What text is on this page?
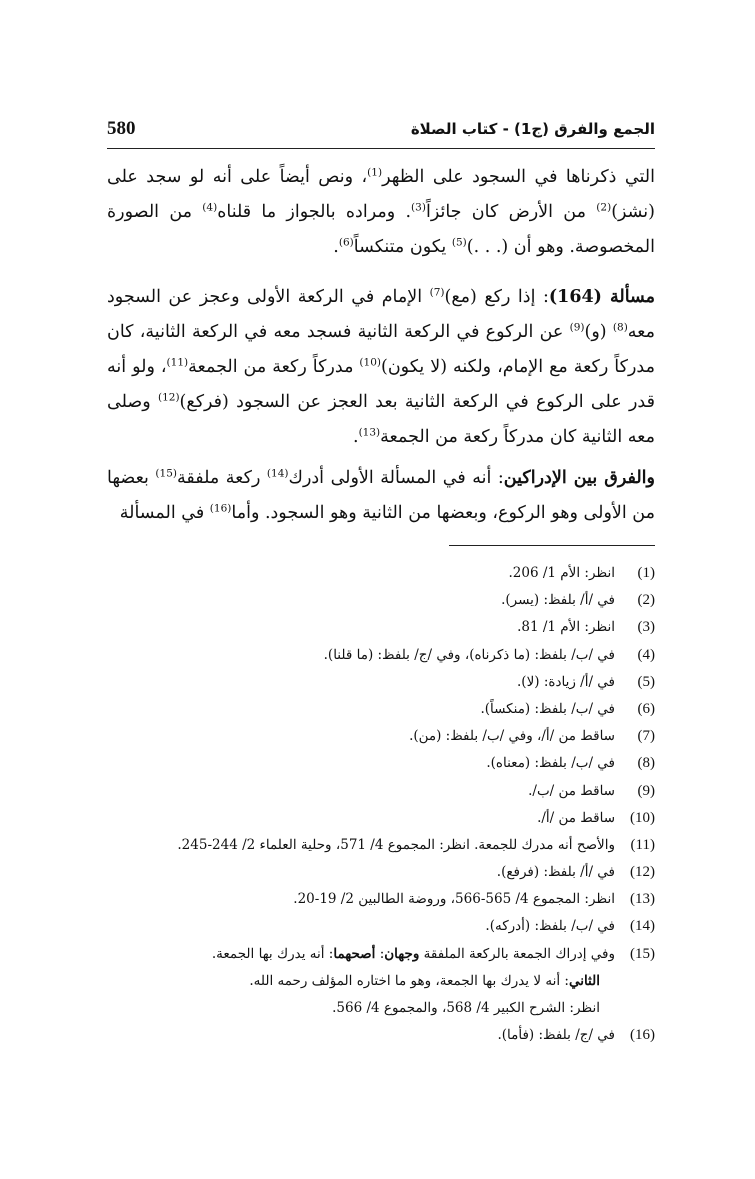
الجمع والفرق (ج1) - كتاب الصلاة
580

التي ذكرناها في السجود على الظهر$^{(1)}$، ونص أيضاً على أنه لو سجد على (نشز)$^{(2)}$ من الأرض كان جائزاً$^{(3)}$. ومراده بالجواز ما قلناه$^{(4)}$ من الصورة المخصوصة. وهو أن (. . .)$^{(5)}$ يكون متنكساً$^{(6)}$.

مسألة (164): إذا ركع (مع)$^{(7)}$ الإمام في الركعة الأولى وعجز عن السجود معه$^{(8)}$ (و)$^{(9)}$ عن الركوع في الركعة الثانية فسجد معه في الركعة الثانية، كان مدركاً ركعة مع الإمام، ولكنه (لا يكون)$^{(10)}$ مدركاً ركعة من الجمعة$^{(11)}$، ولو أنه قدر على الركوع في الركعة الثانية بعد العجز عن السجود (فركع)$^{(12)}$ وصلى معه الثانية كان مدركاً ركعة من الجمعة$^{(13)}$.

والفرق بين الإدراكين: أنه في المسألة الأولى أدرك$^{(14)}$ ركعة ملفقة$^{(15)}$ بعضها من الأولى وهو الركوع، وبعضها من الثانية وهو السجود. وأما$^{(16)}$ في المسألة

(1)
انظر: الأم 1/ 206.
(2)
في /أ/ بلفظ: (يسر).
(3)
انظر: الأم 1/ 81.
(4)
في /ب/ بلفظ: (ما ذكرناه)، وفي /ج/ بلفظ: (ما قلنا).
(5)
في /أ/ زيادة: (لا).
(6)
في /ب/ بلفظ: (منكساً).
(7)
ساقط من /أ/، وفي /ب/ بلفظ: (من).
(8)
في /ب/ بلفظ: (معناه).
(9)
ساقط من /ب/.
(10)
ساقط من /أ/.
(11)
والأصح أنه مدرك للجمعة. انظر: المجموع 4/ 571، وحلية العلماء 2/ 244-245.
(12)
في /أ/ بلفظ: (فرفع).
(13)
انظر: المجموع 4/ 565-566، وروضة الطالبين 2/ 19-20.
(14)
في /ب/ بلفظ: (أدركه).
(15)
وفي إدراك الجمعة بالركعة الملفقة وجهان: أصحهما: أنه يدرك بها الجمعة.
الثاني: أنه لا يدرك بها الجمعة، وهو ما اختاره المؤلف رحمه الله.
انظر: الشرح الكبير 4/ 568، والمجموع 4/ 566.
(16)
في /ج/ بلفظ: (فأما).
